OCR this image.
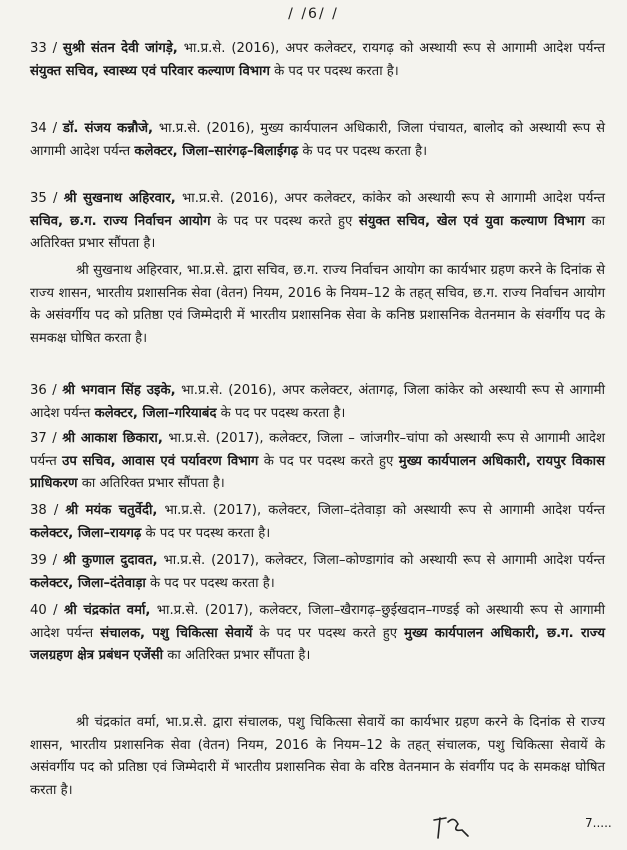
/ /6/ /
33 / सुश्री संतन देवी जांगड़े, भा.प्र.से. (2016), अपर कलेक्टर, रायगढ़ को अस्थायी रूप से आगामी आदेश पर्यन्त संयुक्त सचिव, स्वास्थ्य एवं परिवार कल्याण विभाग के पद पर पदस्थ करता है।
34 / डॉ. संजय कन्नौजे, भा.प्र.से. (2016), मुख्य कार्यपालन अधिकारी, जिला पंचायत, बालोद को अस्थायी रूप से आगामी आदेश पर्यन्त कलेक्टर, जिला–सारंगढ़–बिलाईगढ़ के पद पर पदस्थ करता है।
35 / श्री सुखनाथ अहिरवार, भा.प्र.से. (2016), अपर कलेक्टर, कांकेर को अस्थायी रूप से आगामी आदेश पर्यन्त सचिव, छ.ग. राज्य निर्वाचन आयोग के पद पर पदस्थ करते हुए संयुक्त सचिव, खेल एवं युवा कल्याण विभाग का अतिरिक्त प्रभार सौंपता है।
श्री सुखनाथ अहिरवार, भा.प्र.से. द्वारा सचिव, छ.ग. राज्य निर्वाचन आयोग का कार्यभार ग्रहण करने के दिनांक से राज्य शासन, भारतीय प्रशासनिक सेवा (वेतन) नियम, 2016 के नियम–12 के तहत् सचिव, छ.ग. राज्य निर्वाचन आयोग के असंवर्गीय पद को प्रतिष्ठा एवं जिम्मेदारी में भारतीय प्रशासनिक सेवा के कनिष्ठ प्रशासनिक वेतनमान के संवर्गीय पद के समकक्ष घोषित करता है।
36 / श्री भगवान सिंह उइके, भा.प्र.से. (2016), अपर कलेक्टर, अंतागढ़, जिला कांकेर को अस्थायी रूप से आगामी आदेश पर्यन्त कलेक्टर, जिला–गरियाबंद के पद पर पदस्थ करता है।
37 / श्री आकाश छिकारा, भा.प्र.से. (2017), कलेक्टर, जिला – जांजगीर–चांपा को अस्थायी रूप से आगामी आदेश पर्यन्त उप सचिव, आवास एवं पर्यावरण विभाग के पद पर पदस्थ करते हुए मुख्य कार्यपालन अधिकारी, रायपुर विकास प्राधिकरण का अतिरिक्त प्रभार सौंपता है।
38 / श्री मयंक चतुर्वेदी, भा.प्र.से. (2017), कलेक्टर, जिला–दंतेवाड़ा को अस्थायी रूप से आगामी आदेश पर्यन्त कलेक्टर, जिला–रायगढ़ के पद पर पदस्थ करता है।
39 / श्री कुणाल दुदावत, भा.प्र.से. (2017), कलेक्टर, जिला–कोण्डागांव को अस्थायी रूप से आगामी आदेश पर्यन्त कलेक्टर, जिला–दंतेवाड़ा के पद पर पदस्थ करता है।
40 / श्री चंद्रकांत वर्मा, भा.प्र.से. (2017), कलेक्टर, जिला–खैरागढ़–छुईखदान–गण्डई को अस्थायी रूप से आगामी आदेश पर्यन्त संचालक, पशु चिकित्सा सेवायें के पद पर पदस्थ करते हुए मुख्य कार्यपालन अधिकारी, छ.ग. राज्य जलग्रहण क्षेत्र प्रबंधन एजेंसी का अतिरिक्त प्रभार सौंपता है।
श्री चंद्रकांत वर्मा, भा.प्र.से. द्वारा संचालक, पशु चिकित्सा सेवायें का कार्यभार ग्रहण करने के दिनांक से राज्य शासन, भारतीय प्रशासनिक सेवा (वेतन) नियम, 2016 के नियम–12 के तहत् संचालक, पशु चिकित्सा सेवायें के असंवर्गीय पद को प्रतिष्ठा एवं जिम्मेदारी में भारतीय प्रशासनिक सेवा के वरिष्ठ वेतनमान के संवर्गीय पद के समकक्ष घोषित करता है।
7.....
